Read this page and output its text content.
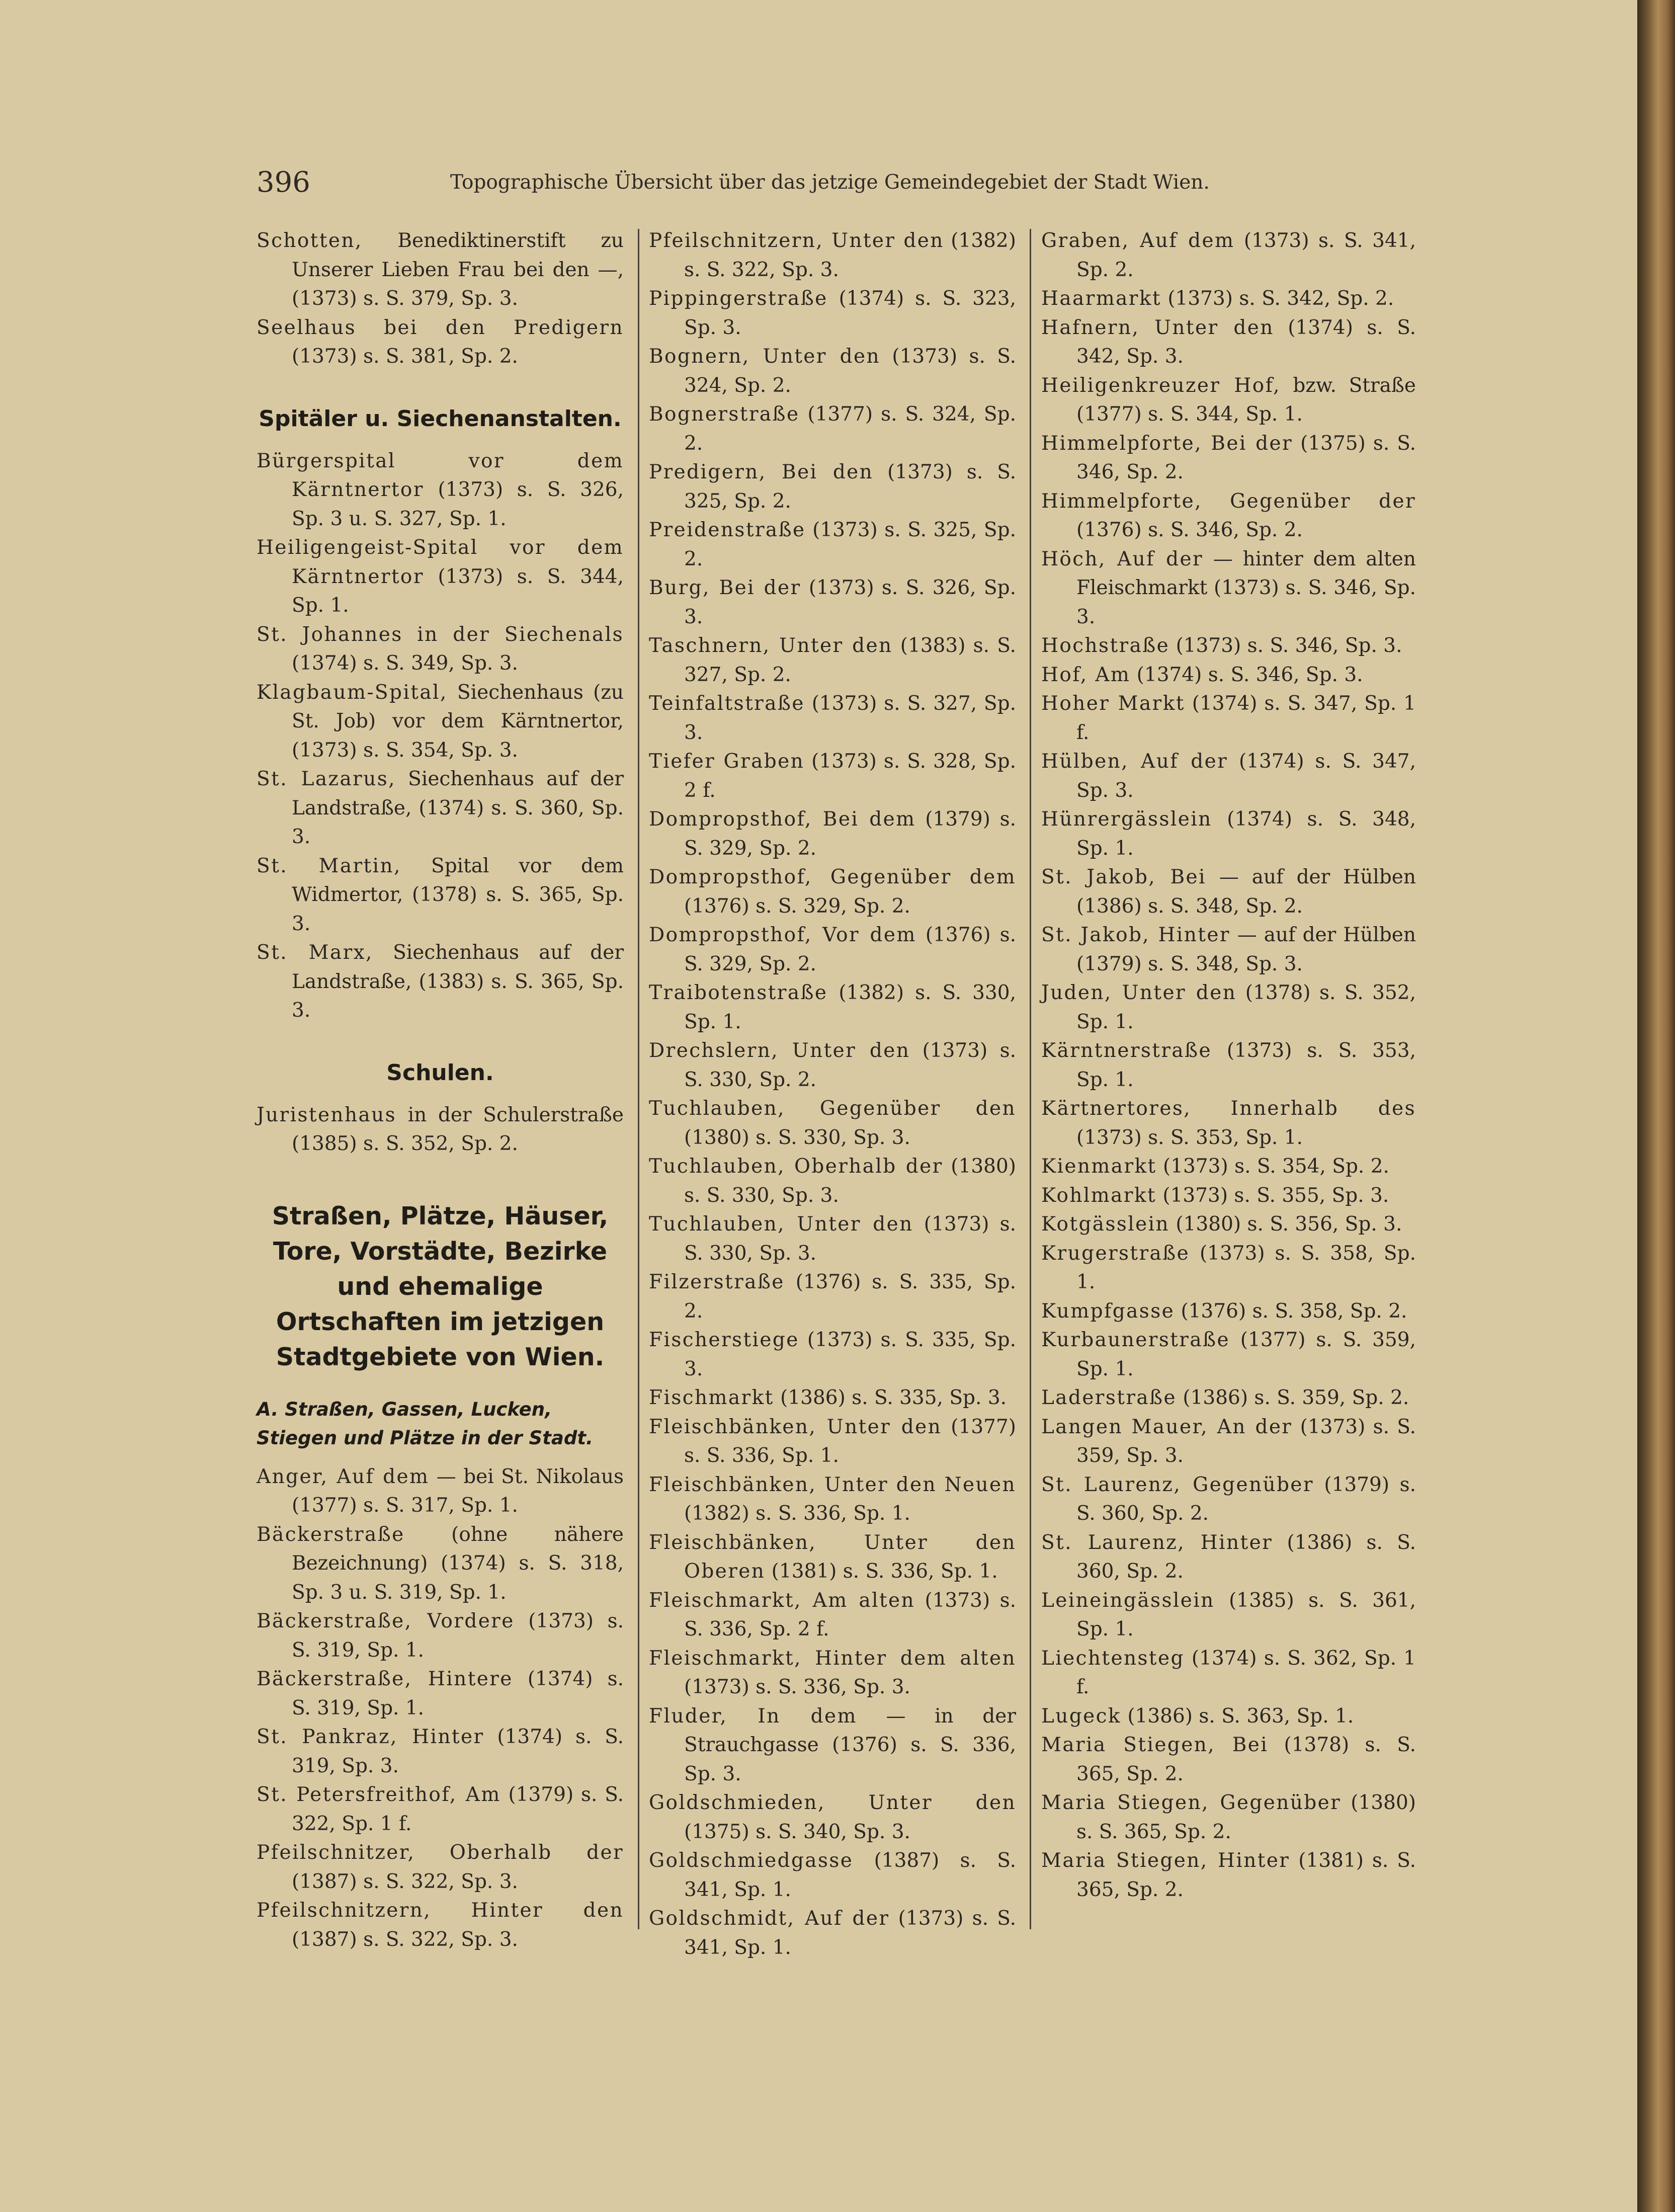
396	Topographische Übersicht über das jetzige Gemeindegebiet der Stadt Wien.

Schotten, Benediktinerstift zu Unserer Lieben Frau bei den —, (1373) s. S. 379, Sp. 3.

Seelhaus bei den Predigern (1373) s. S. 381, Sp. 2.

Spitäler u. Siechenanstalten.

Bürgerspital vor dem Kärntnertor (1373) s. S. 326, Sp. 3 u. S. 327, Sp. 1.

Heiligengeist-Spital vor dem Kärntnertor (1373) s. S. 344, Sp. 1.

St. Johannes in der Siechenals (1374) s. S. 349, Sp. 3.

Klagbaum-Spital, Siechenhaus (zu St. Job) vor dem Kärntnertor, (1373) s. S. 354, Sp. 3.

St. Lazarus, Siechenhaus auf der Landstraße, (1374) s. S. 360, Sp. 3.

St. Martin, Spital vor dem Widmertor, (1378) s. S. 365, Sp. 3.

St. Marx, Siechenhaus auf der Landstraße, (1383) s. S. 365, Sp. 3.

Schulen.

Juristenhaus in der Schulerstraße (1385) s. S. 352, Sp. 2.

Straßen, Plätze, Häuser, Tore, Vorstädte, Bezirke und ehemalige Ortschaften im jetzigen Stadtgebiete von Wien.
A. Straßen, Gassen, Lucken, Stiegen und Plätze in der Stadt.

Anger, Auf dem — bei St. Nikolaus (1377) s. S. 317, Sp. 1.

Bäckerstraße (ohne nähere Bezeichnung) (1374) s. S. 318, Sp. 3 u. S. 319, Sp. 1.

Bäckerstraße, Vordere (1373) s. S. 319, Sp. 1.

Bäckerstraße, Hintere (1374) s. S. 319, Sp. 1.

St. Pankraz, Hinter (1374) s. S. 319, Sp. 3.

St. Petersfreithof, Am (1379) s. S. 322, Sp. 1 f.

Pfeilschnitzer, Oberhalb der (1387) s. S. 322, Sp. 3.

Pfeilschnitzern, Hinter den (1387) s. S. 322, Sp. 3.

Pfeilschnitzern, Unter den (1382) s. S. 322, Sp. 3.

Pippingerstraße (1374) s. S. 323, Sp. 3.

Bognern, Unter den (1373) s. S. 324, Sp. 2.

Bognerstraße (1377) s. S. 324, Sp. 2.

Predigern, Bei den (1373) s. S. 325, Sp. 2.

Preidenstraße (1373) s. S. 325, Sp. 2.

Burg, Bei der (1373) s. S. 326, Sp. 3.

Taschnern, Unter den (1383) s. S. 327, Sp. 2.

Teinfaltstraße (1373) s. S. 327, Sp. 3.

Tiefer Graben (1373) s. S. 328, Sp. 2 f.

Dompropsthof, Bei dem (1379) s. S. 329, Sp. 2.

Dompropsthof, Gegenüber dem (1376) s. S. 329, Sp. 2.

Dompropsthof, Vor dem (1376) s. S. 329, Sp. 2.

Traibotenstraße (1382) s. S. 330, Sp. 1.

Drechslern, Unter den (1373) s. S. 330, Sp. 2.

Tuchlauben, Gegenüber den (1380) s. S. 330, Sp. 3.

Tuchlauben, Oberhalb der (1380) s. S. 330, Sp. 3.

Tuchlauben, Unter den (1373) s. S. 330, Sp. 3.

Filzerstraße (1376) s. S. 335, Sp. 2.

Fischerstiege (1373) s. S. 335, Sp. 3.

Fischmarkt (1386) s. S. 335, Sp. 3.

Fleischbänken, Unter den (1377) s. S. 336, Sp. 1.

Fleischbänken, Unter den Neuen (1382) s. S. 336, Sp. 1.

Fleischbänken, Unter den Oberen (1381) s. S. 336, Sp. 1.

Fleischmarkt, Am alten (1373) s. S. 336, Sp. 2 f.

Fleischmarkt, Hinter dem alten (1373) s. S. 336, Sp. 3.

Fluder, In dem — in der Strauchgasse (1376) s. S. 336, Sp. 3.

Goldschmieden, Unter den (1375) s. S. 340, Sp. 3.

Goldschmiedgasse (1387) s. S. 341, Sp. 1.

Goldschmidt, Auf der (1373) s. S. 341, Sp. 1.

Graben, Auf dem (1373) s. S. 341, Sp. 2.

Haarmarkt (1373) s. S. 342, Sp. 2.

Hafnern, Unter den (1374) s. S. 342, Sp. 3.

Heiligenkreuzer Hof, bzw. Straße (1377) s. S. 344, Sp. 1.

Himmelpforte, Bei der (1375) s. S. 346, Sp. 2.

Himmelpforte, Gegenüber der (1376) s. S. 346, Sp. 2.

Höch, Auf der — hinter dem alten Fleischmarkt (1373) s. S. 346, Sp. 3.

Hochstraße (1373) s. S. 346, Sp. 3.

Hof, Am (1374) s. S. 346, Sp. 3.

Hoher Markt (1374) s. S. 347, Sp. 1 f.

Hülben, Auf der (1374) s. S. 347, Sp. 3.

Hünrergässlein (1374) s. S. 348, Sp. 1.

St. Jakob, Bei — auf der Hülben (1386) s. S. 348, Sp. 2.

St. Jakob, Hinter — auf der Hülben (1379) s. S. 348, Sp. 3.

Juden, Unter den (1378) s. S. 352, Sp. 1.

Kärntnerstraße (1373) s. S. 353, Sp. 1.

Kärtnertores, Innerhalb des (1373) s. S. 353, Sp. 1.

Kienmarkt (1373) s. S. 354, Sp. 2.

Kohlmarkt (1373) s. S. 355, Sp. 3.

Kotgässlein (1380) s. S. 356, Sp. 3.

Krugerstraße (1373) s. S. 358, Sp. 1.

Kumpfgasse (1376) s. S. 358, Sp. 2.

Kurbaunerstraße (1377) s. S. 359, Sp. 1.

Laderstraße (1386) s. S. 359, Sp. 2.

Langen Mauer, An der (1373) s. S. 359, Sp. 3.

St. Laurenz, Gegenüber (1379) s. S. 360, Sp. 2.

St. Laurenz, Hinter (1386) s. S. 360, Sp. 2.

Leineingässlein (1385) s. S. 361, Sp. 1.

Liechtensteg (1374) s. S. 362, Sp. 1 f.

Lugeck (1386) s. S. 363, Sp. 1.

Maria Stiegen, Bei (1378) s. S. 365, Sp. 2.

Maria Stiegen, Gegenüber (1380) s. S. 365, Sp. 2.

Maria Stiegen, Hinter (1381) s. S. 365, Sp. 2.
